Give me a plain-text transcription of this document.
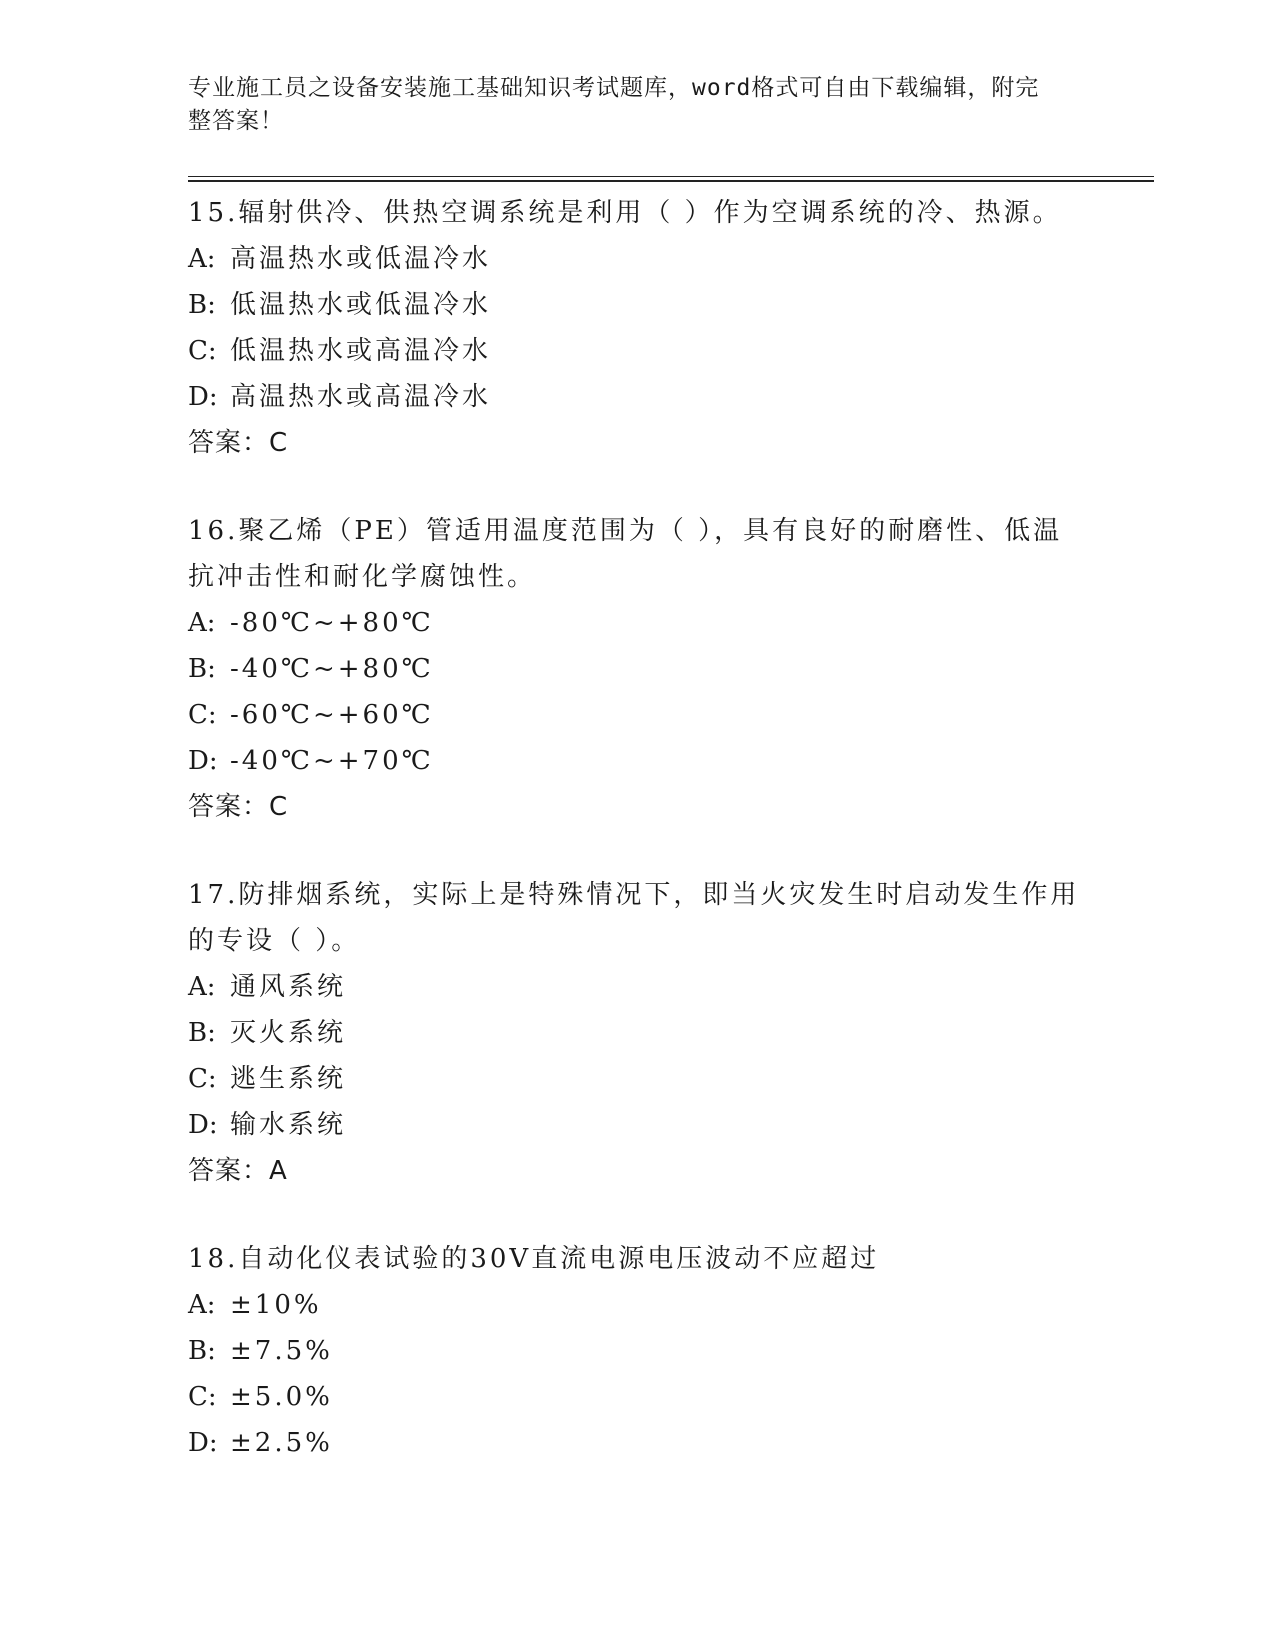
专业施工员之设备安装施工基础知识考试题库，word格式可自由下载编辑，附完
整答案！

15.辐射供冷、供热空调系统是利用（ ）作为空调系统的冷、热源。

A: 高温热水或低温冷水

B: 低温热水或低温冷水

C: 低温热水或高温冷水

D: 高温热水或高温冷水

答案：C

16.聚乙烯（PE）管适用温度范围为（ ），具有良好的耐磨性、低温

抗冲击性和耐化学腐蚀性。

A: -80℃~+80℃

B: -40℃~+80℃

C: -60℃~+60℃

D: -40℃~+70℃

答案：C

17.防排烟系统，实际上是特殊情况下，即当火灾发生时启动发生作用

的专设（ ）。

A: 通风系统

B: 灭火系统

C: 逃生系统

D: 输水系统

答案：A

18.自动化仪表试验的30V直流电源电压波动不应超过

A: ±10%

B: ±7.5%

C: ±5.0%

D: ±2.5%
